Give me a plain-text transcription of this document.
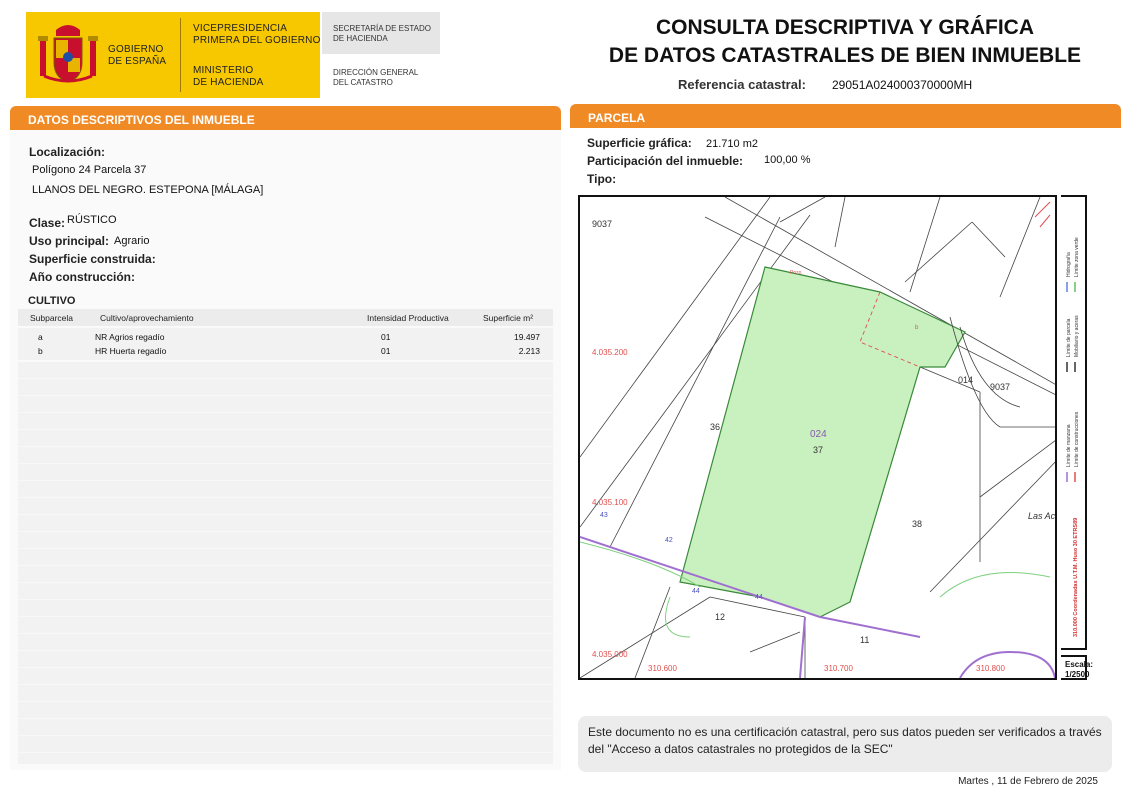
GOBIERNO
DE ESPAÑA
VICEPRESIDENCIA
PRIMERA DEL GOBIERNO
MINISTERIO
DE HACIENDA
SECRETARÍA DE ESTADO
DE HACIENDA
DIRECCIÓN GENERAL
DEL CATASTRO
CONSULTA DESCRIPTIVA Y GRÁFICA
DE DATOS CATASTRALES DE BIEN INMUEBLE
Referencia catastral: 29051A024000370000MH
DATOS DESCRIPTIVOS DEL INMUEBLE
Localización:
Polígono 24 Parcela 37
LLANOS DEL NEGRO. ESTEPONA [MÁLAGA]
Clase: RÚSTICO
Uso principal: Agrario
Superficie construida:
Año construcción:
CULTIVO
Subparcela	Cultivo/aprovechamiento	Intensidad Productiva	Superficie m²
a	NR Agrios regadío	01	19.497
b	HR Huerta regadío	01	2.213
PARCELA
Superficie gráfica: 21.710 m2
Participación del inmueble: 100,00 %
Tipo:
9037
36
024
37
014
9037
38
Las Ac
12
11
b
Pozo
42
43
44
44
4.035.200
4.035.100
4.035.000
310.600	310.700	310.800
Límite de parcela Mobiliario y aceras
Hidrografía Límite zona verde
Límite de manzana Límite de construcciones
310.000 Coordenadas U.T.M. Huso 30 ETRS89
Escala:
1/2500
Este documento no es una certificación catastral, pero sus datos pueden ser verificados a través del "Acceso a datos catastrales no protegidos de la SEC"
Martes , 11 de Febrero de 2025
